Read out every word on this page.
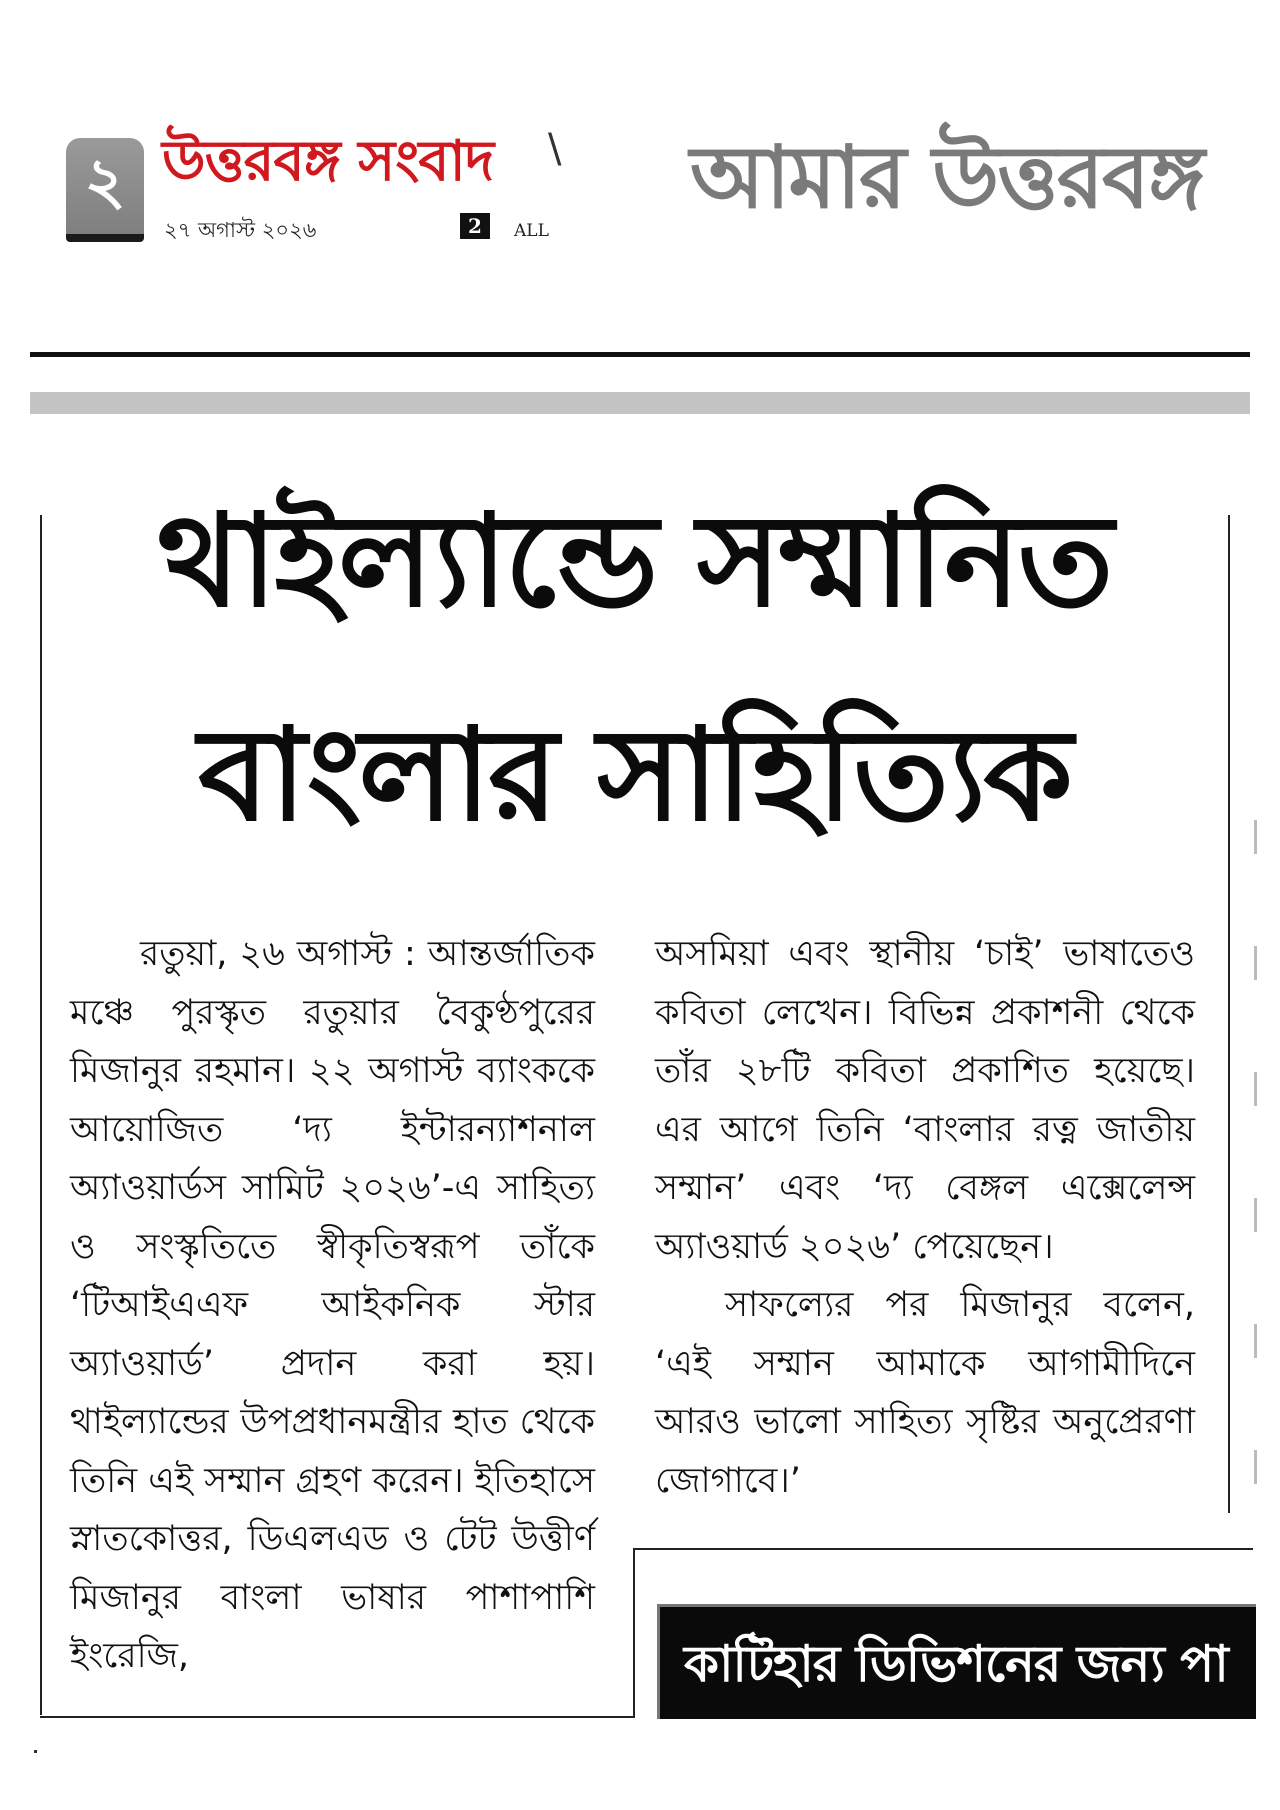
২ উত্তরবঙ্গ সংবাদ \
২৭ অগাস্ট ২০২৬	2	ALL
আমার উত্তরবঙ্গ
থাইল্যান্ডে সম্মানিত
বাংলার সাহিত্যিক

রতুয়া, ২৬ অগাস্ট : আন্তর্জাতিক মঞ্চে পুরস্কৃত রতুয়ার বৈকুণ্ঠপুরের মিজানুর রহমান। ২২ অগাস্ট ব্যাংককে আয়োজিত ‘দ্য ইন্টারন্যাশনাল অ্যাওয়ার্ডস সামিট ২০২৬’-এ সাহিত্য ও সংস্কৃতিতে স্বীকৃতিস্বরূপ তাঁকে ‘টিআইএএফ আইকনিক স্টার অ্যাওয়ার্ড’ প্রদান করা হয়। থাইল্যান্ডের উপপ্রধানমন্ত্রীর হাত থেকে তিনি এই সম্মান গ্রহণ করেন। ইতিহাসে স্নাতকোত্তর, ডিএলএড ও টেট উত্তীর্ণ মিজানুর বাংলা ভাষার পাশাপাশি ইংরেজি,

অসমিয়া এবং স্থানীয় ‘চাই’ ভাষাতেও কবিতা লেখেন। বিভিন্ন প্রকাশনী থেকে তাঁর ২৮টি কবিতা প্রকাশিত হয়েছে। এর আগে তিনি ‘বাংলার রত্ন জাতীয় সম্মান’ এবং ‘দ্য বেঙ্গল এক্সেলেন্স অ্যাওয়ার্ড ২০২৬’ পেয়েছেন।

সাফল্যের পর মিজানুর বলেন, ‘এই সম্মান আমাকে আগামীদিনে আরও ভালো সাহিত্য সৃষ্টির অনুপ্রেরণা জোগাবে।’

কাটিহার ডিভিশনের জন্য পা
